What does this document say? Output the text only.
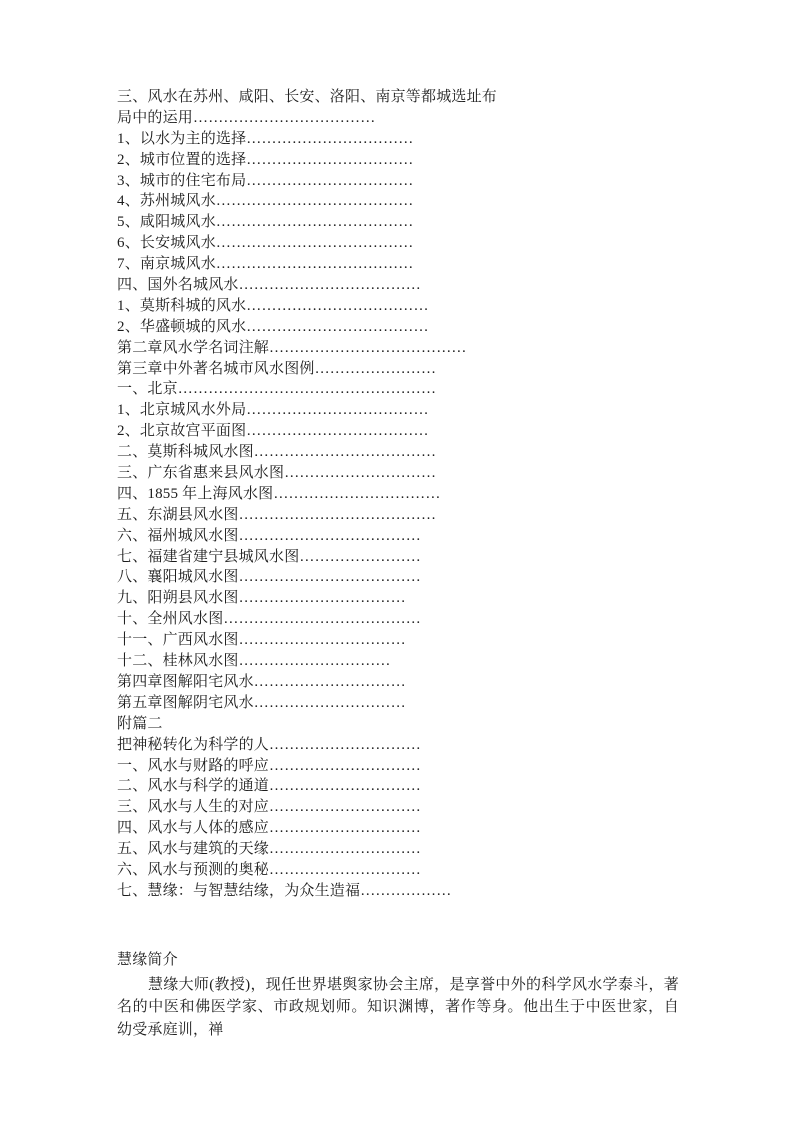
三、风水在苏州、咸阳、长安、洛阳、南京等都城选址布
局中的运用………………………………
1、以水为主的选择……………………………
2、城市位置的选择……………………………
3、城市的住宅布局……………………………
4、苏州城风水…………………………………
5、咸阳城风水…………………………………
6、长安城风水…………………………………
7、南京城风水…………………………………
四、国外名城风水………………………………
1、莫斯科城的风水………………………………
2、华盛顿城的风水………………………………
第二章风水学名词注解…………………………………
第三章中外著名城市风水图例……………………
一、北京……………………………………………
1、北京城风水外局………………………………
2、北京故宫平面图………………………………
二、莫斯科城风水图………………………………
三、广东省惠来县风水图…………………………
四、1855 年上海风水图……………………………
五、东湖县风水图…………………………………
六、福州城风水图………………………………
七、福建省建宁县城风水图……………………
八、襄阳城风水图………………………………
九、阳朔县风水图……………………………
十、全州风水图…………………………………
十一、广西风水图……………………………
十二、桂林风水图…………………………
第四章图解阳宅风水…………………………
第五章图解阴宅风水…………………………
附篇二
把神秘转化为科学的人…………………………
一、风水与财路的呼应…………………………
二、风水与科学的通道…………………………
三、风水与人生的对应…………………………
四、风水与人体的感应…………………………
五、风水与建筑的天缘…………………………
六、风水与预测的奥秘…………………………
七、慧缘：与智慧结缘，为众生造福………………
慧缘简介

慧缘大师(教授)，现任世界堪舆家协会主席，是享誉中外的科学风水学泰斗，著名的中医和佛医学家、市政规划师。知识渊博，著作等身。他出生于中医世家，自幼受承庭训，禅
